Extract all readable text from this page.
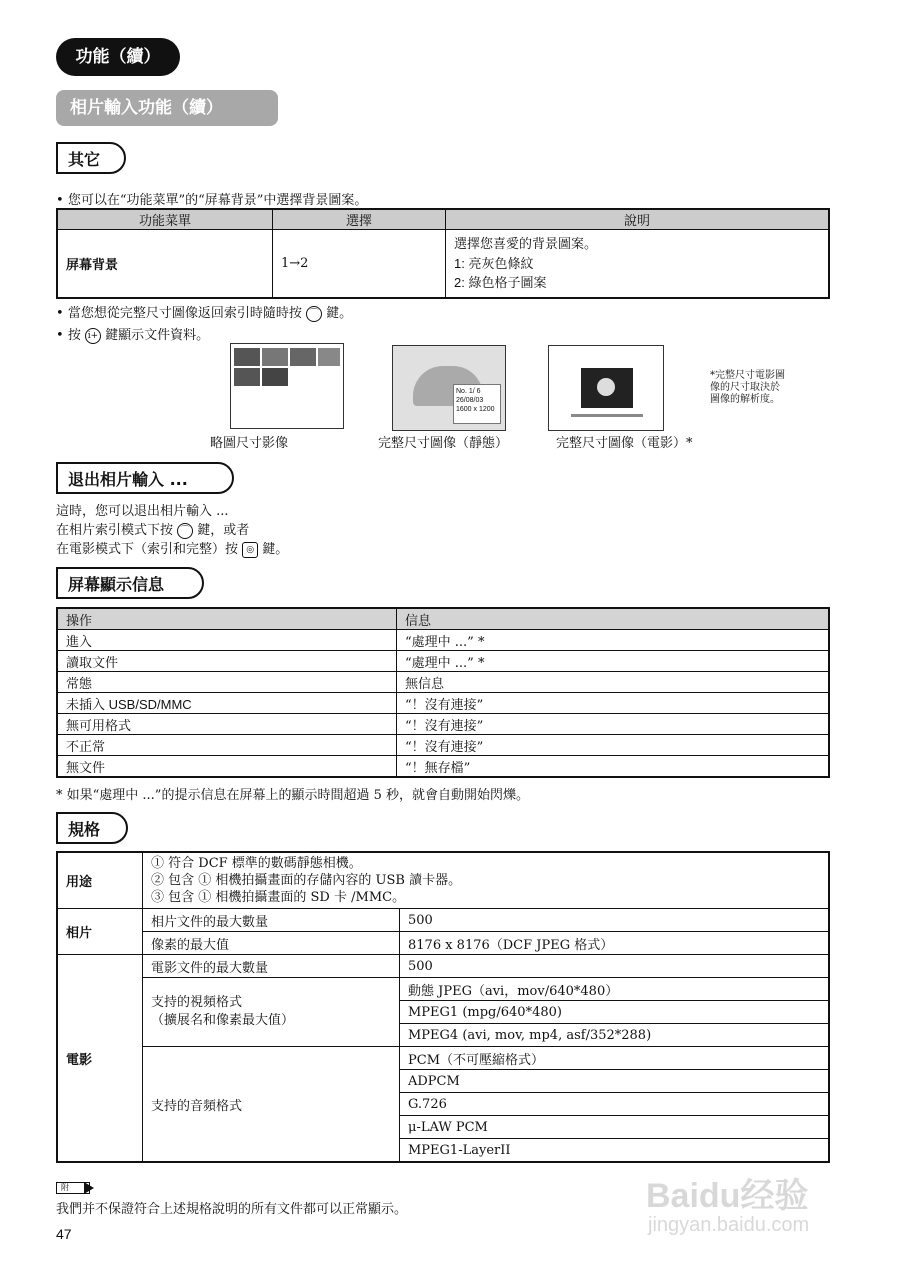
功能（續）
相片輸入功能（續）
其它
• 您可以在“功能菜單”的“屏幕背景”中選擇背景圖案。
功能菜單	選擇	說明
屏幕背景	1→2	選擇您喜愛的背景圖案。
1: 亮灰色條紋
2: 綠色格子圖案
• 當您想從完整尺寸圖像返回索引時隨時按 ⌒ 鍵。
• 按 i+ 鍵顯示文件資料。
No. 1/ 6
26/08/03
1600 x 1200
略圖尺寸影像	完整尺寸圖像（靜態）	完整尺寸圖像（電影）*
*完整尺寸電影圖
像的尺寸取決於
圖像的解析度。
退出相片輸入 ...
這時，您可以退出相片輸入 ...
在相片索引模式下按 ⌒ 鍵，或者
在電影模式下（索引和完整）按 ◎ 鍵。
屏幕顯示信息
操作	信息
進入	“處理中 ...” *
讀取文件	“處理中 ...” *
常態	無信息
未插入 USB/SD/MMC	“！沒有連接”
無可用格式	“！沒有連接”
不正常	“！沒有連接”
無文件	“！無存檔”
* 如果“處理中 ...”的提示信息在屏幕上的顯示時間超過 5 秒，就會自動開始閃爍。
規格
用途	① 符合 DCF 標準的數碼靜態相機。
② 包含 ① 相機拍攝畫面的存儲內容的 USB 讀卡器。
③ 包含 ① 相機拍攝畫面的 SD 卡 /MMC。	

相片	相片文件的最大數量	500
	像素的最大值	8176 x 8176（DCF JPEG 格式）
電影	電影文件的最大數量	500

	支持的視頻格式
（擴展名和像素最大值）	動態 JPEG（avi，mov/640*480）
		MPEG1 (mpg/640*480)
		MPEG4 (avi, mov, mp4, asf/352*288)
	支持的音頻格式	PCM（不可壓縮格式）
		ADPCM
		G.726
		μ-LAW PCM
		MPEG1-LayerII
附
我們并不保證符合上述規格說明的所有文件都可以正常顯示。
47
Baidu经验
jingyan.baidu.com
